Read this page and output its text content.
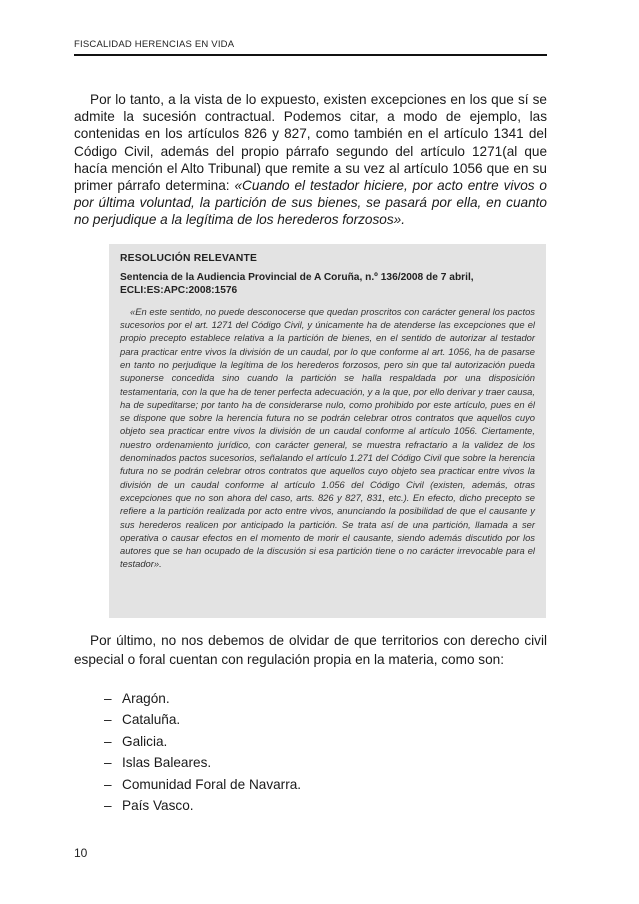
FISCALIDAD HERENCIAS EN VIDA

Por lo tanto, a la vista de lo expuesto, existen excepciones en los que sí se admite la sucesión contractual. Podemos citar, a modo de ejemplo, las contenidas en los artículos 826 y 827, como también en el artículo 1341 del Código Civil, además del propio párrafo segundo del artículo 1271(al que hacía mención el Alto Tribunal) que remite a su vez al artículo 1056 que en su primer párrafo determina: «Cuando el testador hiciere, por acto entre vivos o por última voluntad, la partición de sus bienes, se pasará por ella, en cuanto no perjudique a la legítima de los herederos forzosos».

RESOLUCIÓN RELEVANTE
Sentencia de la Audiencia Provincial de A Coruña, n.º 136/2008 de 7 abril, ECLI:ES:APC:2008:1576
«En este sentido, no puede desconocerse que quedan proscritos con carácter general los pactos sucesorios por el art. 1271 del Código Civil, y únicamente ha de atenderse las excepciones que el propio precepto establece relativa a la partición de bienes, en el sentido de autorizar al testador para practicar entre vivos la división de un caudal, por lo que conforme al art. 1056, ha de pasarse en tanto no perjudique la legítima de los herederos forzosos, pero sin que tal autorización pueda suponerse concedida sino cuando la partición se halla respaldada por una disposición testamentaria, con la que ha de tener perfecta adecuación, y a la que, por ello derivar y traer causa, ha de supeditarse; por tanto ha de considerarse nulo, como prohibido por este artículo, pues en él se dispone que sobre la herencia futura no se podrán celebrar otros contratos que aquellos cuyo objeto sea practicar entre vivos la división de un caudal conforme al artículo 1056. Ciertamente, nuestro ordenamiento jurídico, con carácter general, se muestra refractario a la validez de los denominados pactos sucesorios, señalando el artículo 1.271 del Código Civil que sobre la herencia futura no se podrán celebrar otros contratos que aquellos cuyo objeto sea practicar entre vivos la división de un caudal conforme al artículo 1.056 del Código Civil (existen, además, otras excepciones que no son ahora del caso, arts. 826 y 827, 831, etc.). En efecto, dicho precepto se refiere a la partición realizada por acto entre vivos, anunciando la posibilidad de que el causante y sus herederos realicen por anticipado la partición. Se trata así de una partición, llamada a ser operativa o causar efectos en el momento de morir el causante, siendo además discutido por los autores que se han ocupado de la discusión si esa partición tiene o no carácter irrevocable para el testador».

Por último, no nos debemos de olvidar de que territorios con derecho civil especial o foral cuentan con regulación propia en la materia, como son:

– Aragón.
– Cataluña.
– Galicia.
– Islas Baleares.
– Comunidad Foral de Navarra.
– País Vasco.
10
